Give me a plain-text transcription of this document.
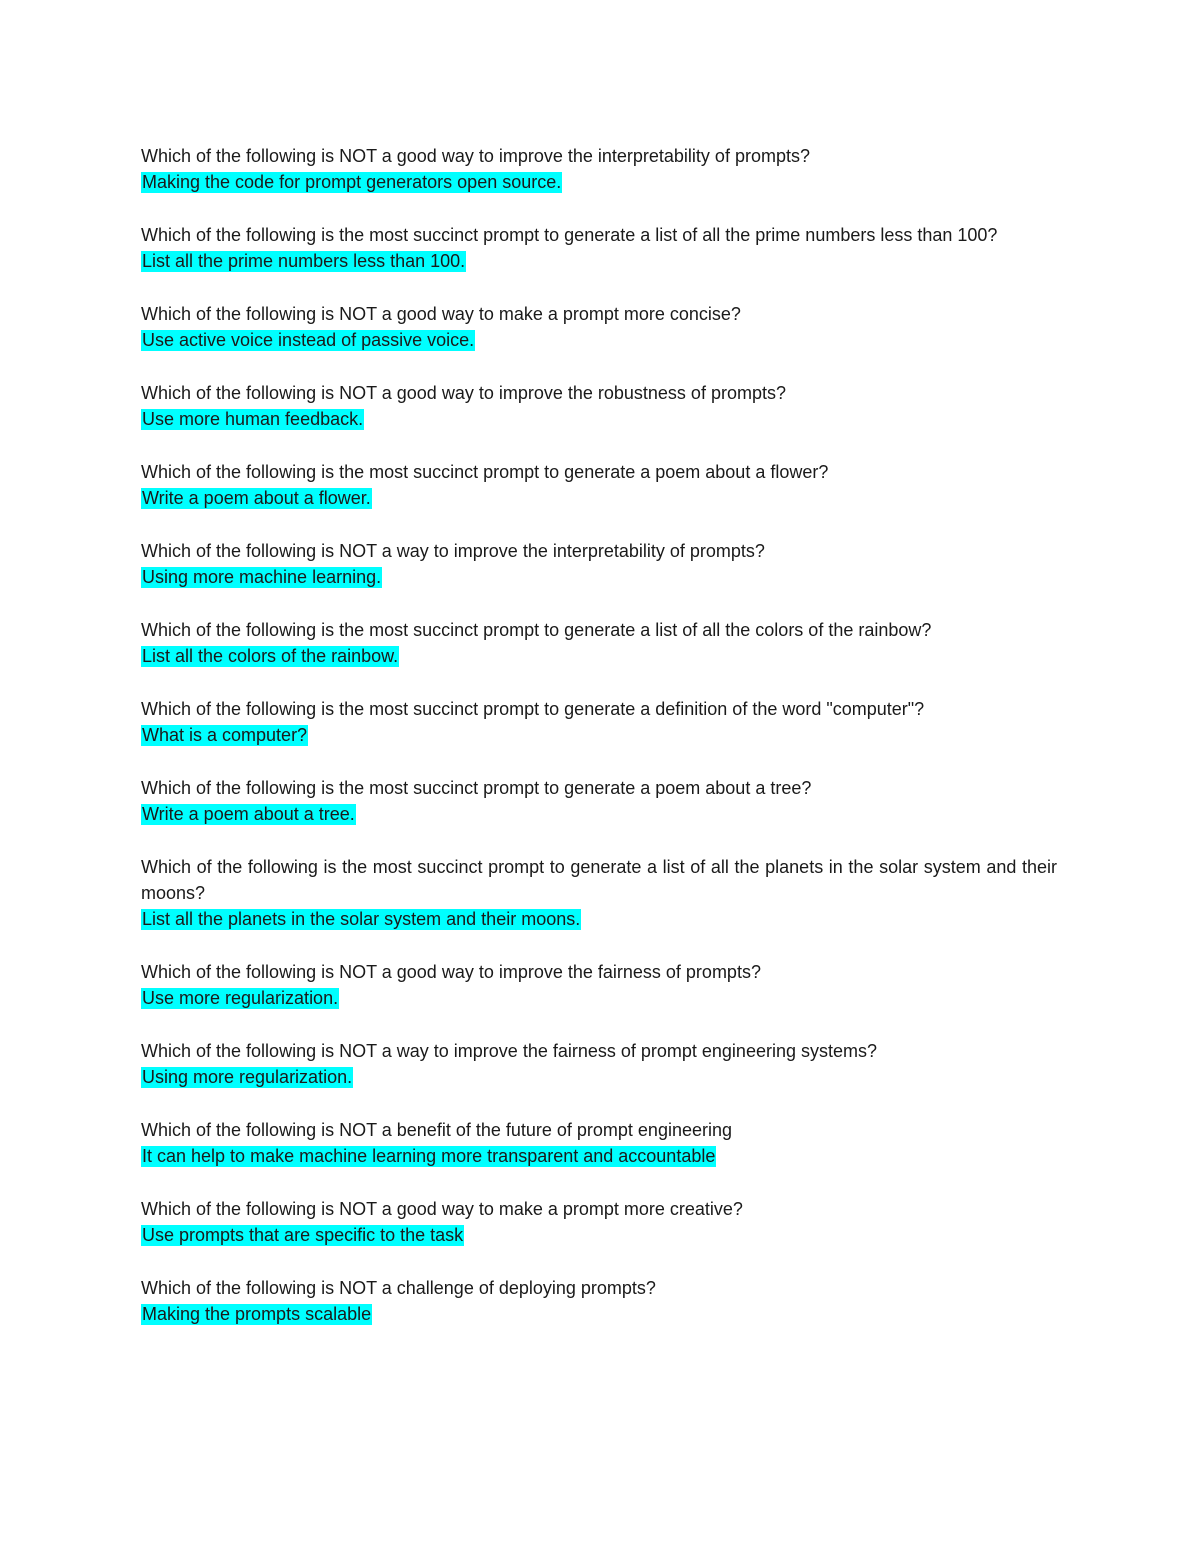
Which of the following is NOT a good way to improve the interpretability of prompts?
Making the code for prompt generators open source.
Which of the following is the most succinct prompt to generate a list of all the prime numbers less than 100?
List all the prime numbers less than 100.
Which of the following is NOT a good way to make a prompt more concise?
Use active voice instead of passive voice.
Which of the following is NOT a good way to improve the robustness of prompts?
Use more human feedback.
Which of the following is the most succinct prompt to generate a poem about a flower?
Write a poem about a flower.
Which of the following is NOT a way to improve the interpretability of prompts?
Using more machine learning.
Which of the following is the most succinct prompt to generate a list of all the colors of the rainbow?
List all the colors of the rainbow.
Which of the following is the most succinct prompt to generate a definition of the word "computer"?
What is a computer?
Which of the following is the most succinct prompt to generate a poem about a tree?
Write a poem about a tree.
Which of the following is the most succinct prompt to generate a list of all the planets in the solar system and their moons?
List all the planets in the solar system and their moons.
Which of the following is NOT a good way to improve the fairness of prompts?
Use more regularization.
Which of the following is NOT a way to improve the fairness of prompt engineering systems?
Using more regularization.
Which of the following is NOT a benefit of the future of prompt engineering
It can help to make machine learning more transparent and accountable
Which of the following is NOT a good way to make a prompt more creative?
Use prompts that are specific to the task
Which of the following is NOT a challenge of deploying prompts?
Making the prompts scalable
